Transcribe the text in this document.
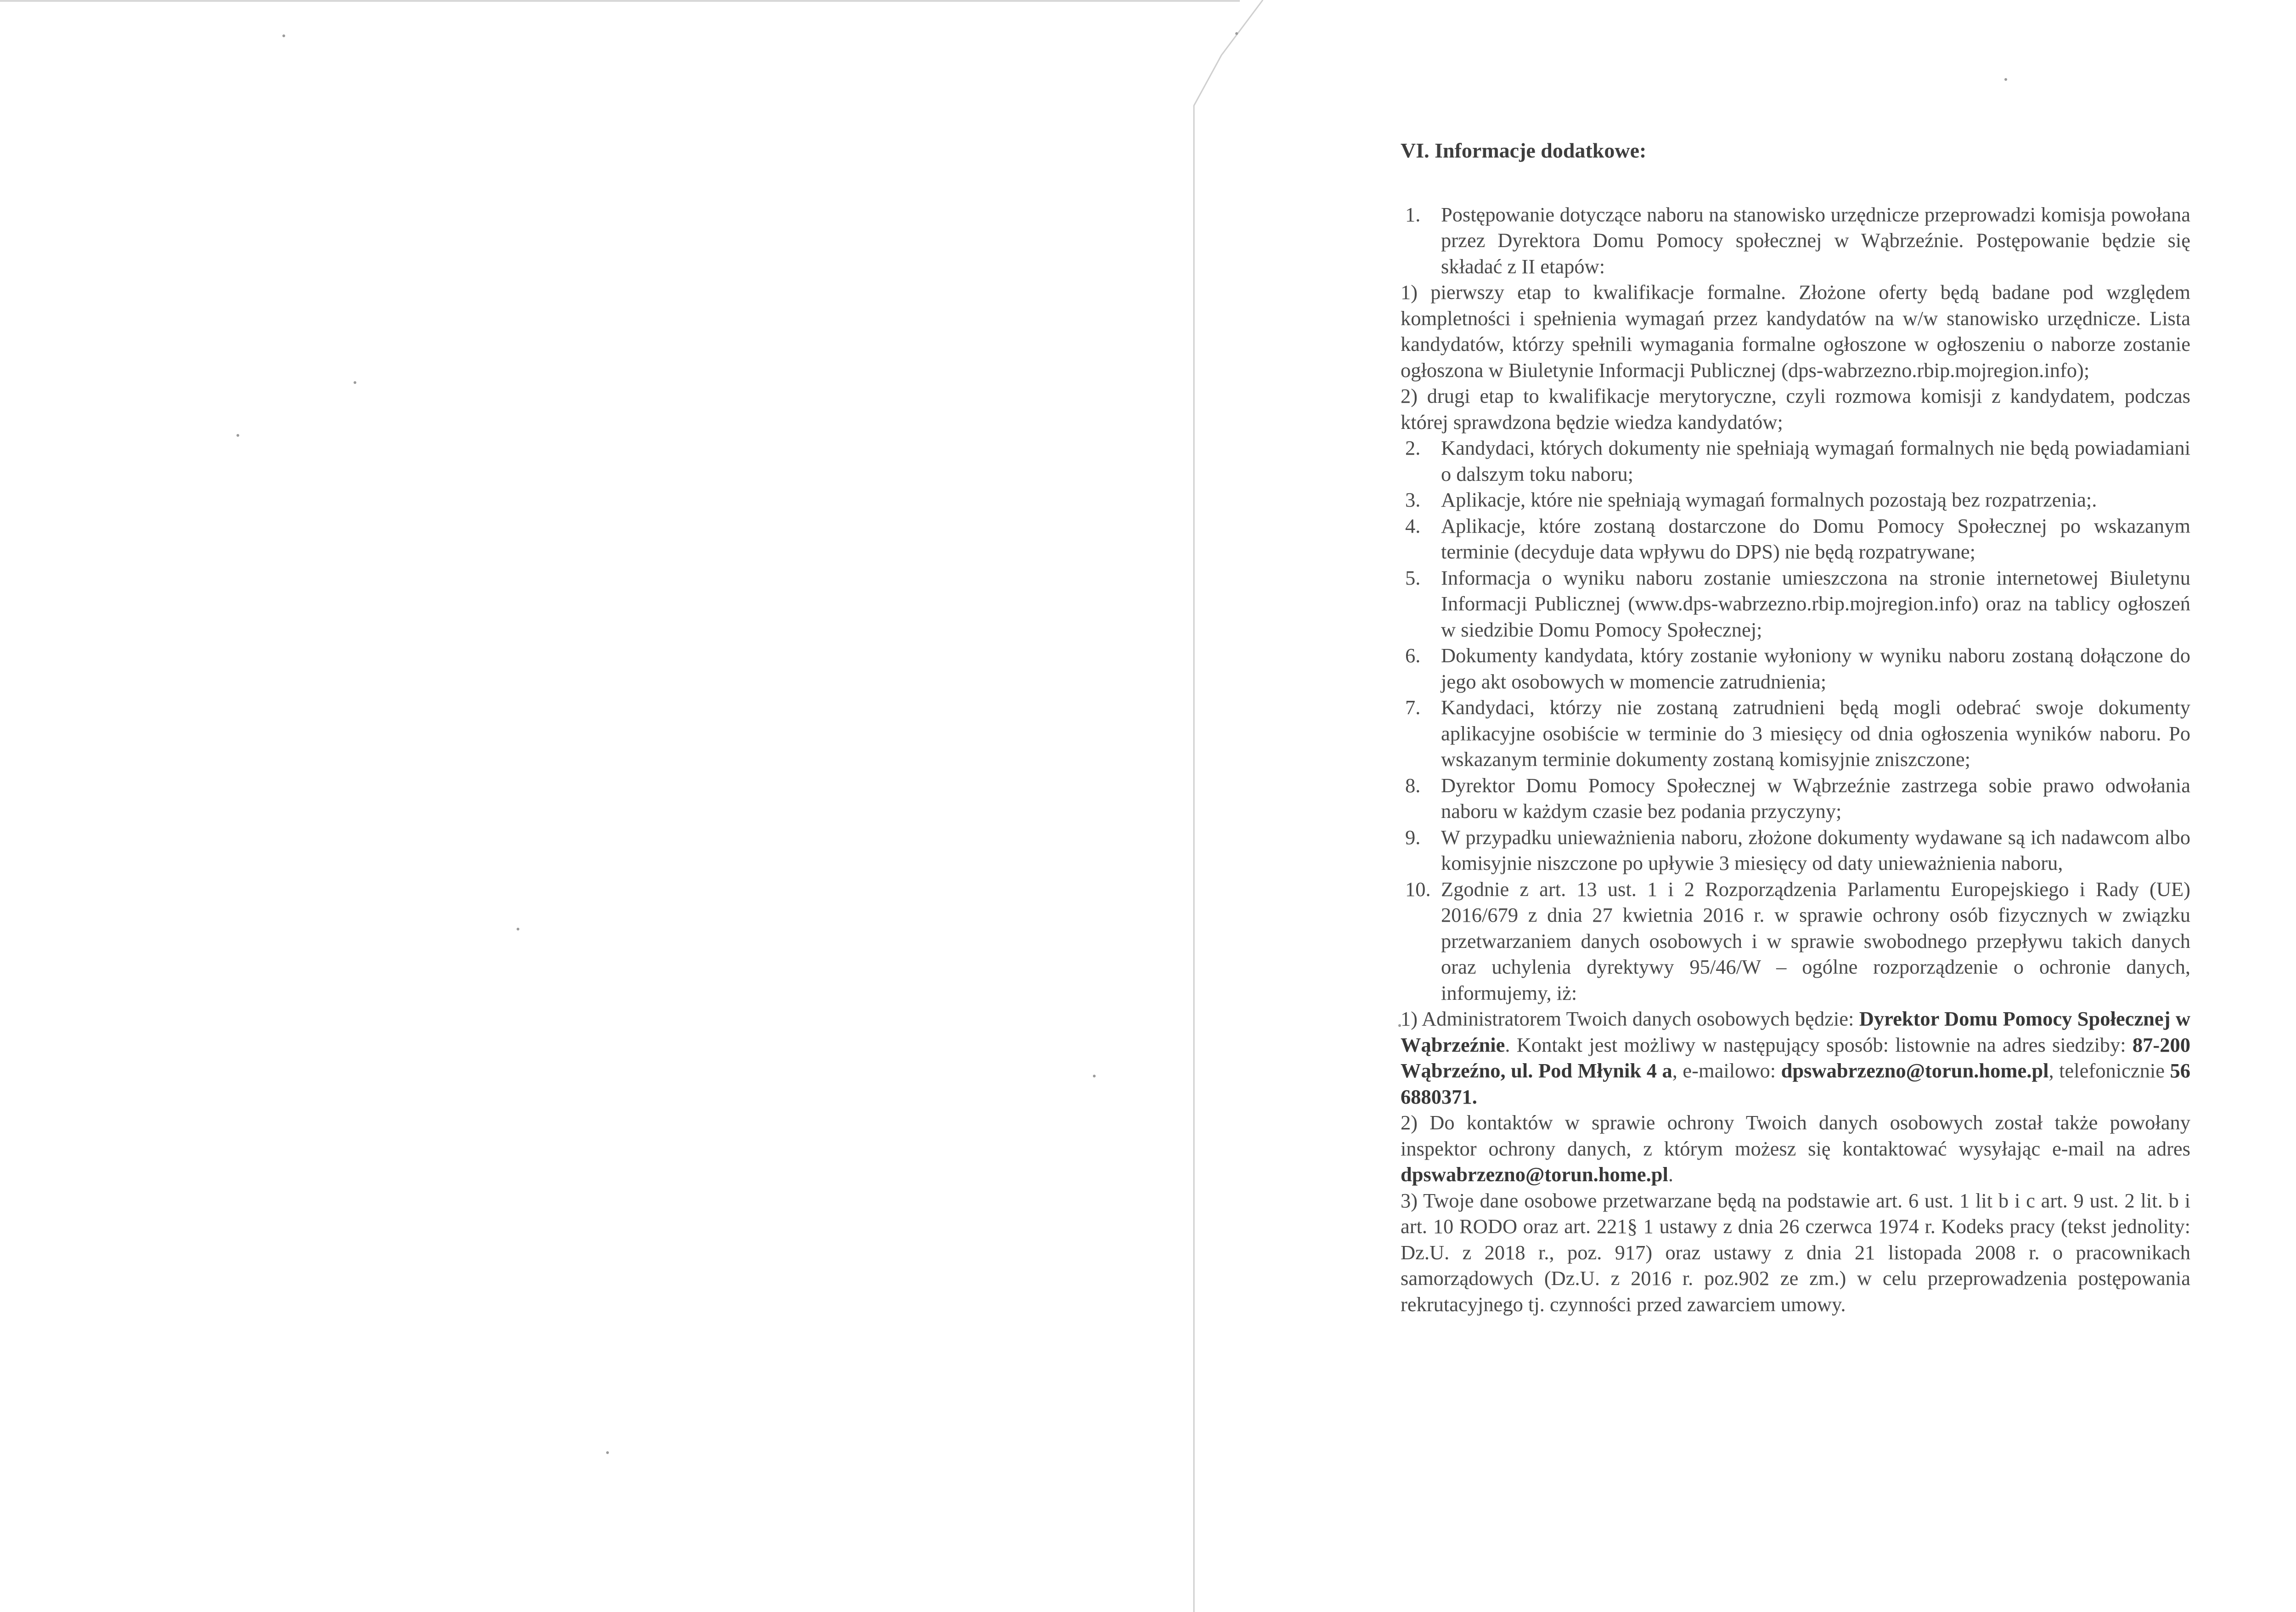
VI. Informacje dodatkowe:
1. Postępowanie dotyczące naboru na stanowisko urzędnicze przeprowadzi komisja powołana przez Dyrektora Domu Pomocy społecznej w Wąbrzeźnie. Postępowanie będzie się składać z II etapów:
1) pierwszy etap to kwalifikacje formalne. Złożone oferty będą badane pod względem kompletności i spełnienia wymagań przez kandydatów na w/w stanowisko urzędnicze. Lista kandydatów, którzy spełnili wymagania formalne ogłoszone w ogłoszeniu o naborze zostanie ogłoszona w Biuletynie Informacji Publicznej (dps-wabrzezno.rbip.mojregion.info);
2) drugi etap to kwalifikacje merytoryczne, czyli rozmowa komisji z kandydatem, podczas której sprawdzona będzie wiedza kandydatów;
2. Kandydaci, których dokumenty nie spełniają wymagań formalnych nie będą powiadamiani o dalszym toku naboru;
3. Aplikacje, które nie spełniają wymagań formalnych pozostają bez rozpatrzenia;.
4. Aplikacje, które zostaną dostarczone do Domu Pomocy Społecznej po wskazanym terminie (decyduje data wpływu do DPS) nie będą rozpatrywane;
5. Informacja o wyniku naboru zostanie umieszczona na stronie internetowej Biuletynu Informacji Publicznej (www.dps-wabrzezno.rbip.mojregion.info) oraz na tablicy ogłoszeń w siedzibie Domu Pomocy Społecznej;
6. Dokumenty kandydata, który zostanie wyłoniony w wyniku naboru zostaną dołączone do jego akt osobowych w momencie zatrudnienia;
7. Kandydaci, którzy nie zostaną zatrudnieni będą mogli odebrać swoje dokumenty aplikacyjne osobiście w terminie do 3 miesięcy od dnia ogłoszenia wyników naboru. Po wskazanym terminie dokumenty zostaną komisyjnie zniszczone;
8. Dyrektor Domu Pomocy Społecznej w Wąbrzeźnie zastrzega sobie prawo odwołania naboru w każdym czasie bez podania przyczyny;
9. W przypadku unieważnienia naboru, złożone dokumenty wydawane są ich nadawcom albo komisyjnie niszczone po upływie 3 miesięcy od daty unieważnienia naboru,
10. Zgodnie z art. 13 ust. 1 i 2 Rozporządzenia Parlamentu Europejskiego i Rady (UE) 2016/679 z dnia 27 kwietnia 2016 r. w sprawie ochrony osób fizycznych w związku przetwarzaniem danych osobowych i w sprawie swobodnego przepływu takich danych oraz uchylenia dyrektywy 95/46/W – ogólne rozporządzenie o ochronie danych, informujemy, iż:
1) Administratorem Twoich danych osobowych będzie: Dyrektor Domu Pomocy Społecznej w Wąbrzeźnie. Kontakt jest możliwy w następujący sposób: listownie na adres siedziby: 87-200 Wąbrzeźno, ul. Pod Młynik 4 a, e-mailowo: dpswabrzezno@torun.home.pl, telefonicznie 56 6880371.
2) Do kontaktów w sprawie ochrony Twoich danych osobowych został także powołany inspektor ochrony danych, z którym możesz się kontaktować wysyłając e-mail na adres dpswabrzezno@torun.home.pl.
3) Twoje dane osobowe przetwarzane będą na podstawie art. 6 ust. 1 lit b i c art. 9 ust. 2 lit. b i art. 10 RODO oraz art. 221§ 1 ustawy z dnia 26 czerwca 1974 r. Kodeks pracy (tekst jednolity: Dz.U. z 2018 r., poz. 917) oraz ustawy z dnia 21 listopada 2008 r. o pracownikach samorządowych (Dz.U. z 2016 r. poz.902 ze zm.) w celu przeprowadzenia postępowania rekrutacyjnego tj. czynności przed zawarciem umowy.
